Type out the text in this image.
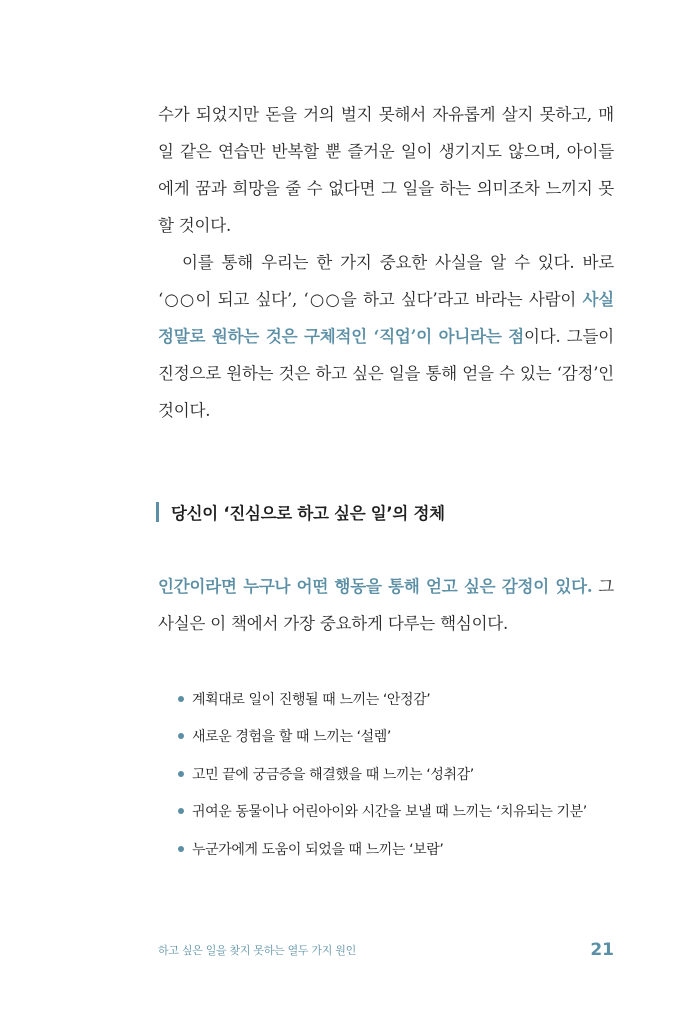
수가 되었지만 돈을 거의 벌지 못해서 자유롭게 살지 못하고, 매일 같은 연습만 반복할 뿐 즐거운 일이 생기지도 않으며, 아이들에게 꿈과 희망을 줄 수 없다면 그 일을 하는 의미조차 느끼지 못할 것이다.

이를 통해 우리는 한 가지 중요한 사실을 알 수 있다. 바로 ‘○○이 되고 싶다’, ‘○○을 하고 싶다’라고 바라는 사람이 사실 정말로 원하는 것은 구체적인 ‘직업’이 아니라는 점이다. 그들이 진정으로 원하는 것은 하고 싶은 일을 통해 얻을 수 있는 ‘감정’인 것이다.

당신이 ‘진심으로 하고 싶은 일’의 정체

인간이라면 누구나 어떤 행동을 통해 얻고 싶은 감정이 있다. 그 사실은 이 책에서 가장 중요하게 다루는 핵심이다.

계획대로 일이 진행될 때 느끼는 ‘안정감’
새로운 경험을 할 때 느끼는 ‘설렘’
고민 끝에 궁금증을 해결했을 때 느끼는 ‘성취감’
귀여운 동물이나 어린아이와 시간을 보낼 때 느끼는 ‘치유되는 기분’
누군가에게 도움이 되었을 때 느끼는 ‘보람’
하고 싶은 일을 찾지 못하는 열두 가지 원인	21
